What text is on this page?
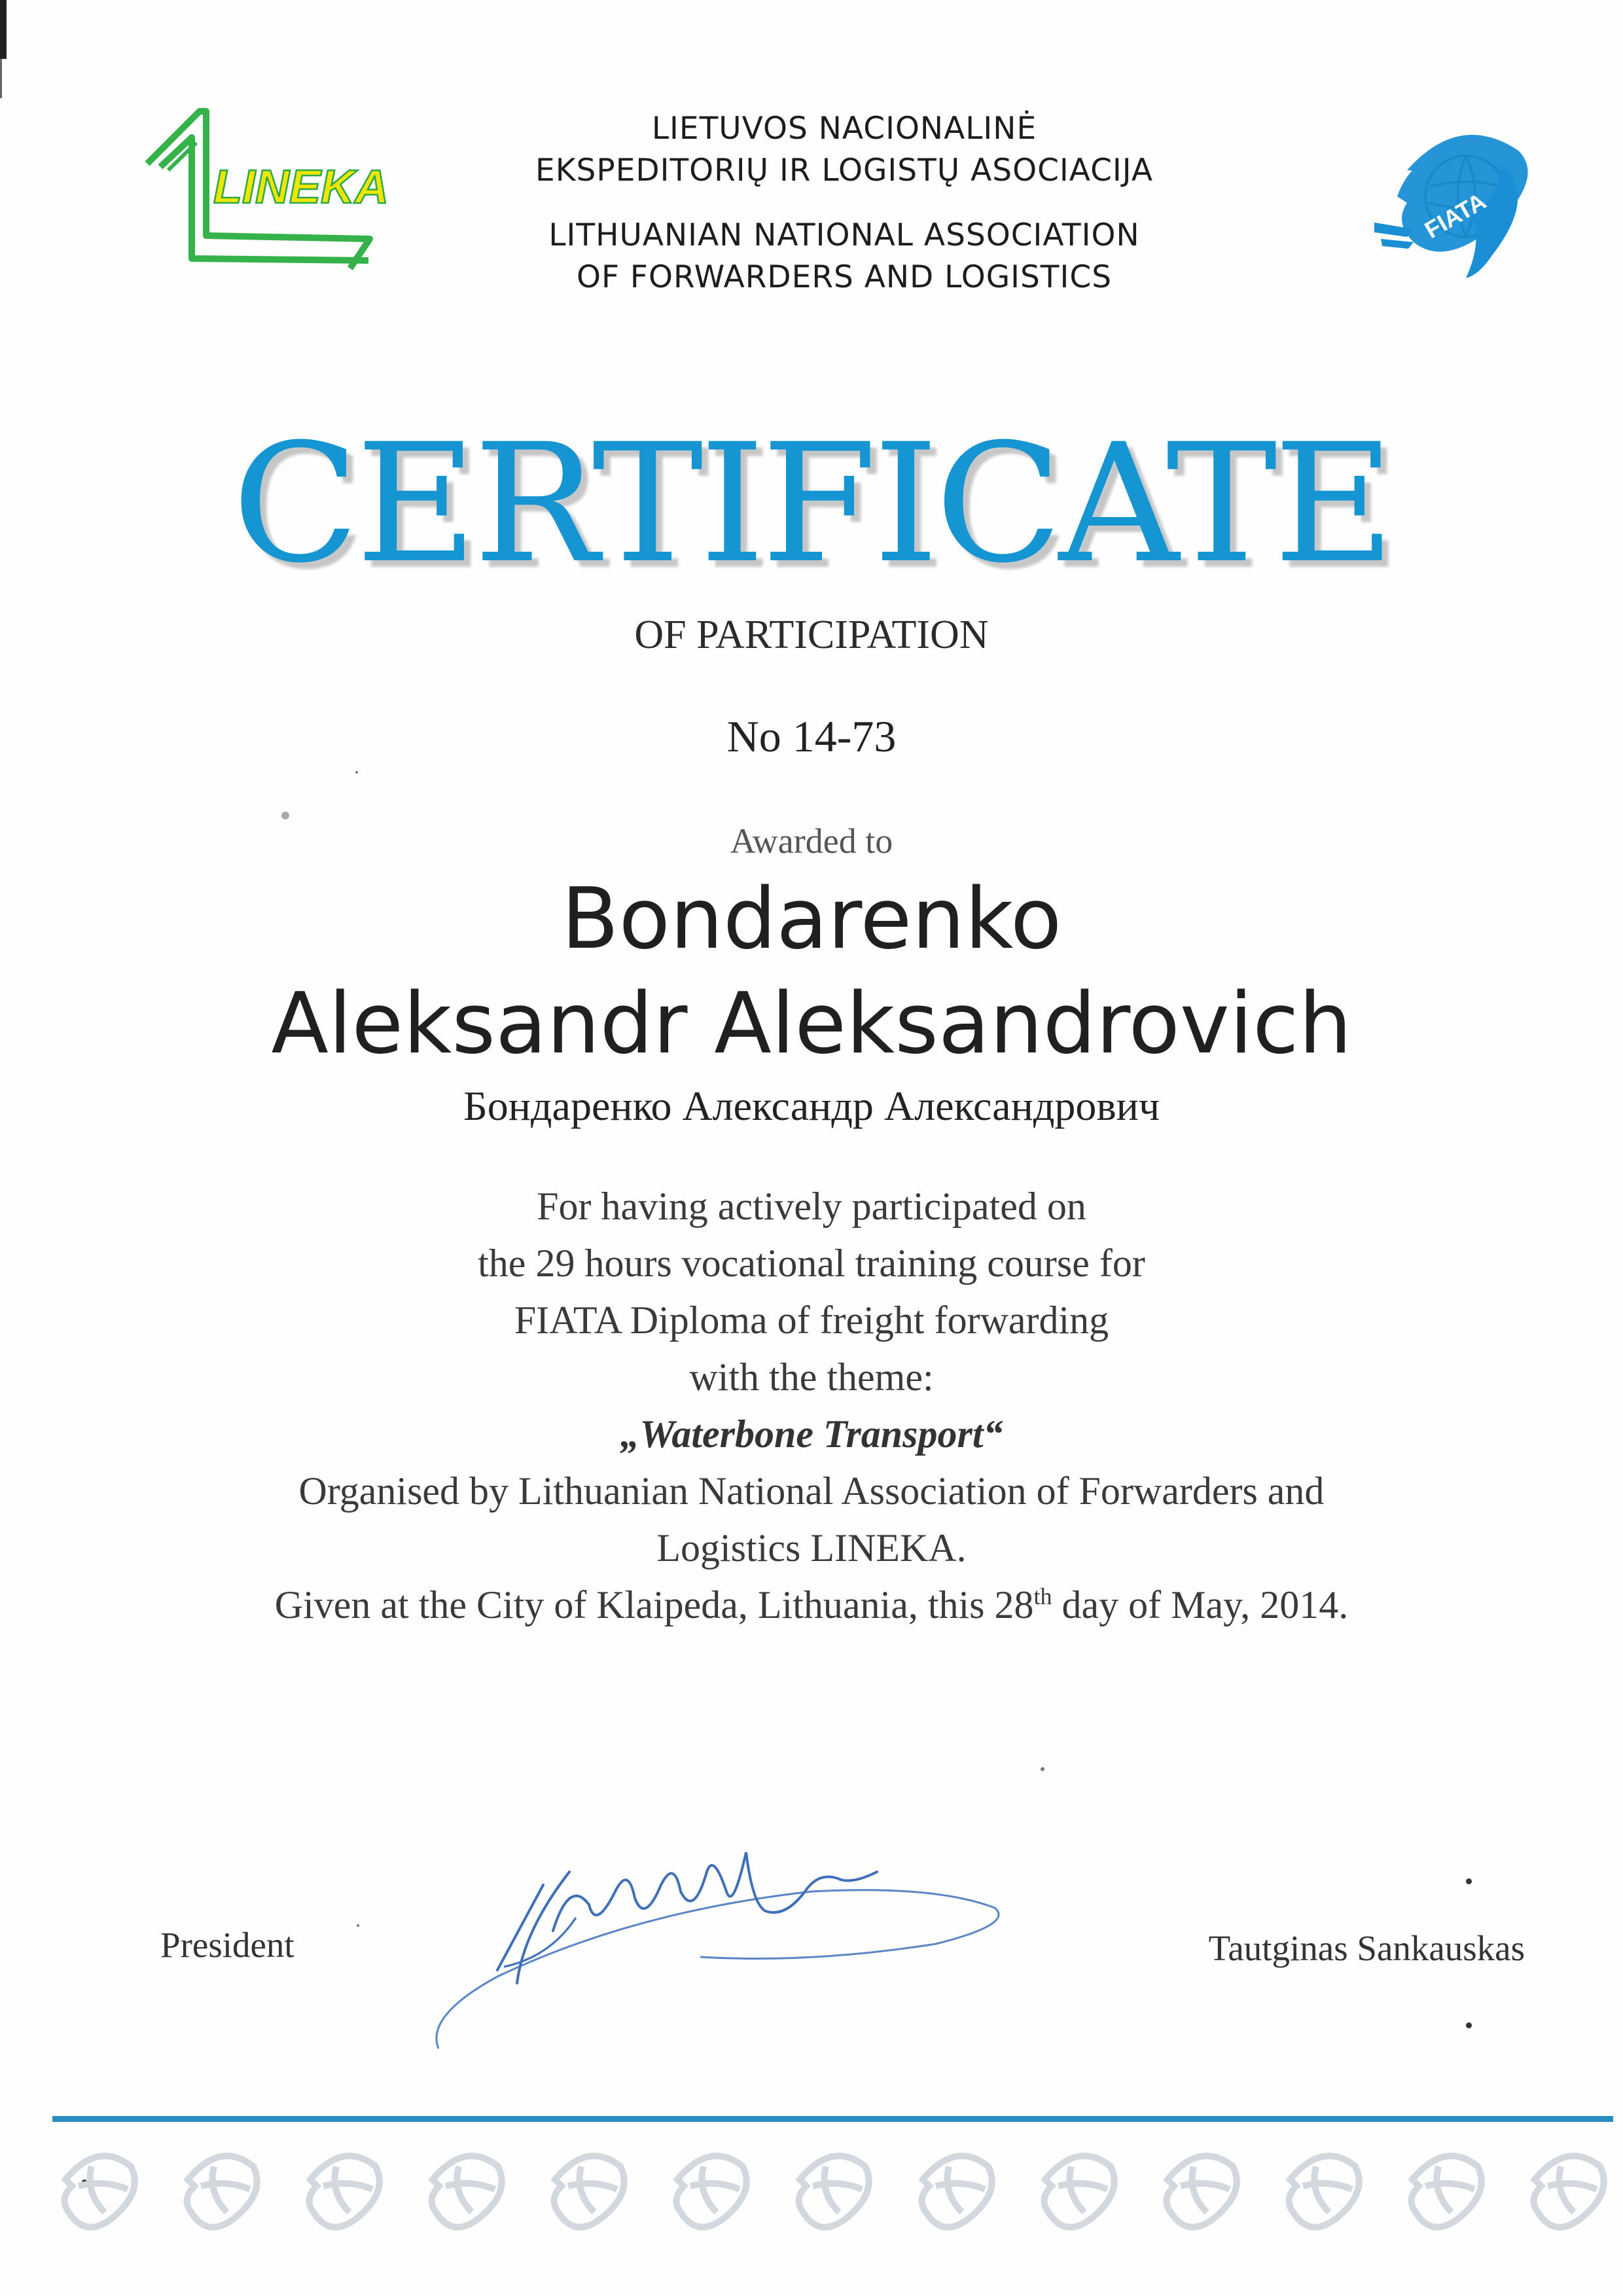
LINEKA
LIETUVOS NACIONALINĖ
EKSPEDITORIŲ IR LOGISTŲ ASOCIACIJA
LITHUANIAN NATIONAL ASSOCIATION
OF FORWARDERS AND LOGISTICS
FIATA
CERTIFICATE
OF PARTICIPATION
No 14-73
Awarded to
Bondarenko
Aleksandr Aleksandrovich
Бондаренко Александр Александрович
For having actively participated on
the 29 hours vocational training course for
FIATA Diploma of freight forwarding
with the theme:
„Waterbone Transport“
Organised by Lithuanian National Association of Forwarders and
Logistics LINEKA.
Given at the City of Klaipeda, Lithuania, this 28th day of May, 2014.
President	Tautginas Sankauskas
